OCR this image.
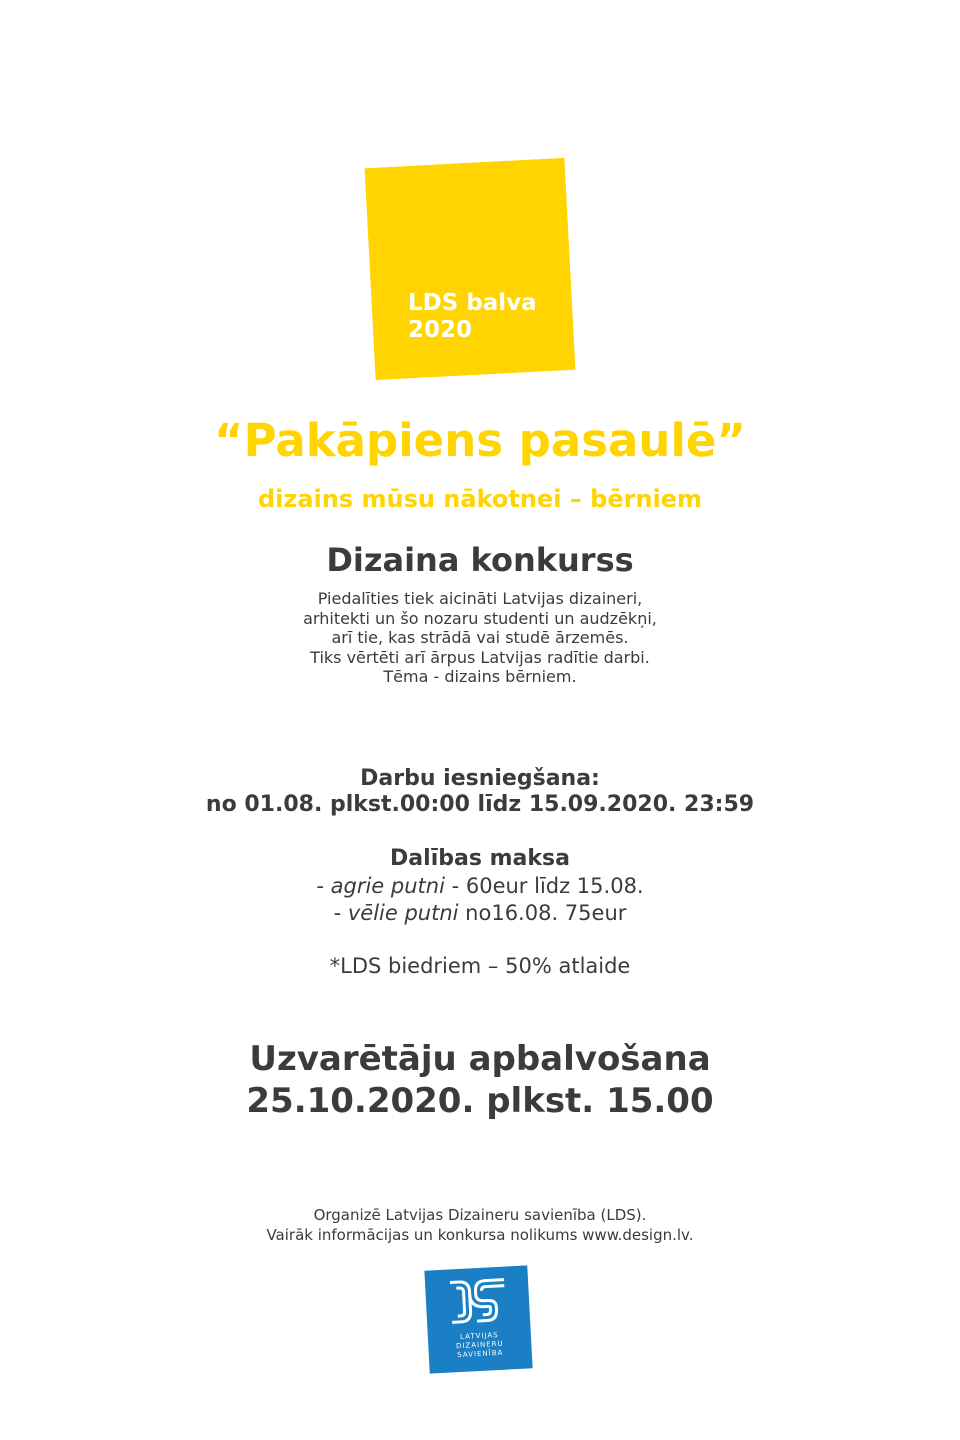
LDS balva
2020
“Pakāpiens pasaulē”
dizains mūsu nākotnei – bērniem
Dizaina konkurss
Piedalīties tiek aicināti Latvijas dizaineri,
arhitekti un šo nozaru studenti un audzēkņi,
arī tie, kas strādā vai studē ārzemēs.
Tiks vērtēti arī ārpus Latvijas radītie darbi.
Tēma - dizains bērniem.
Darbu iesniegšana:
no 01.08. plkst.00:00 līdz 15.09.2020. 23:59
Dalības maksa
- agrie putni - 60eur līdz 15.08.
- vēlie putni no16.08. 75eur
*LDS biedriem – 50% atlaide
Uzvarētāju apbalvošana
25.10.2020. plkst. 15.00
Organizē Latvijas Dizaineru savienība (LDS).
Vairāk informācijas un konkursa nolikums www.design.lv.
LATVIJAS
DIZAINERU
SAVIENĪBA
